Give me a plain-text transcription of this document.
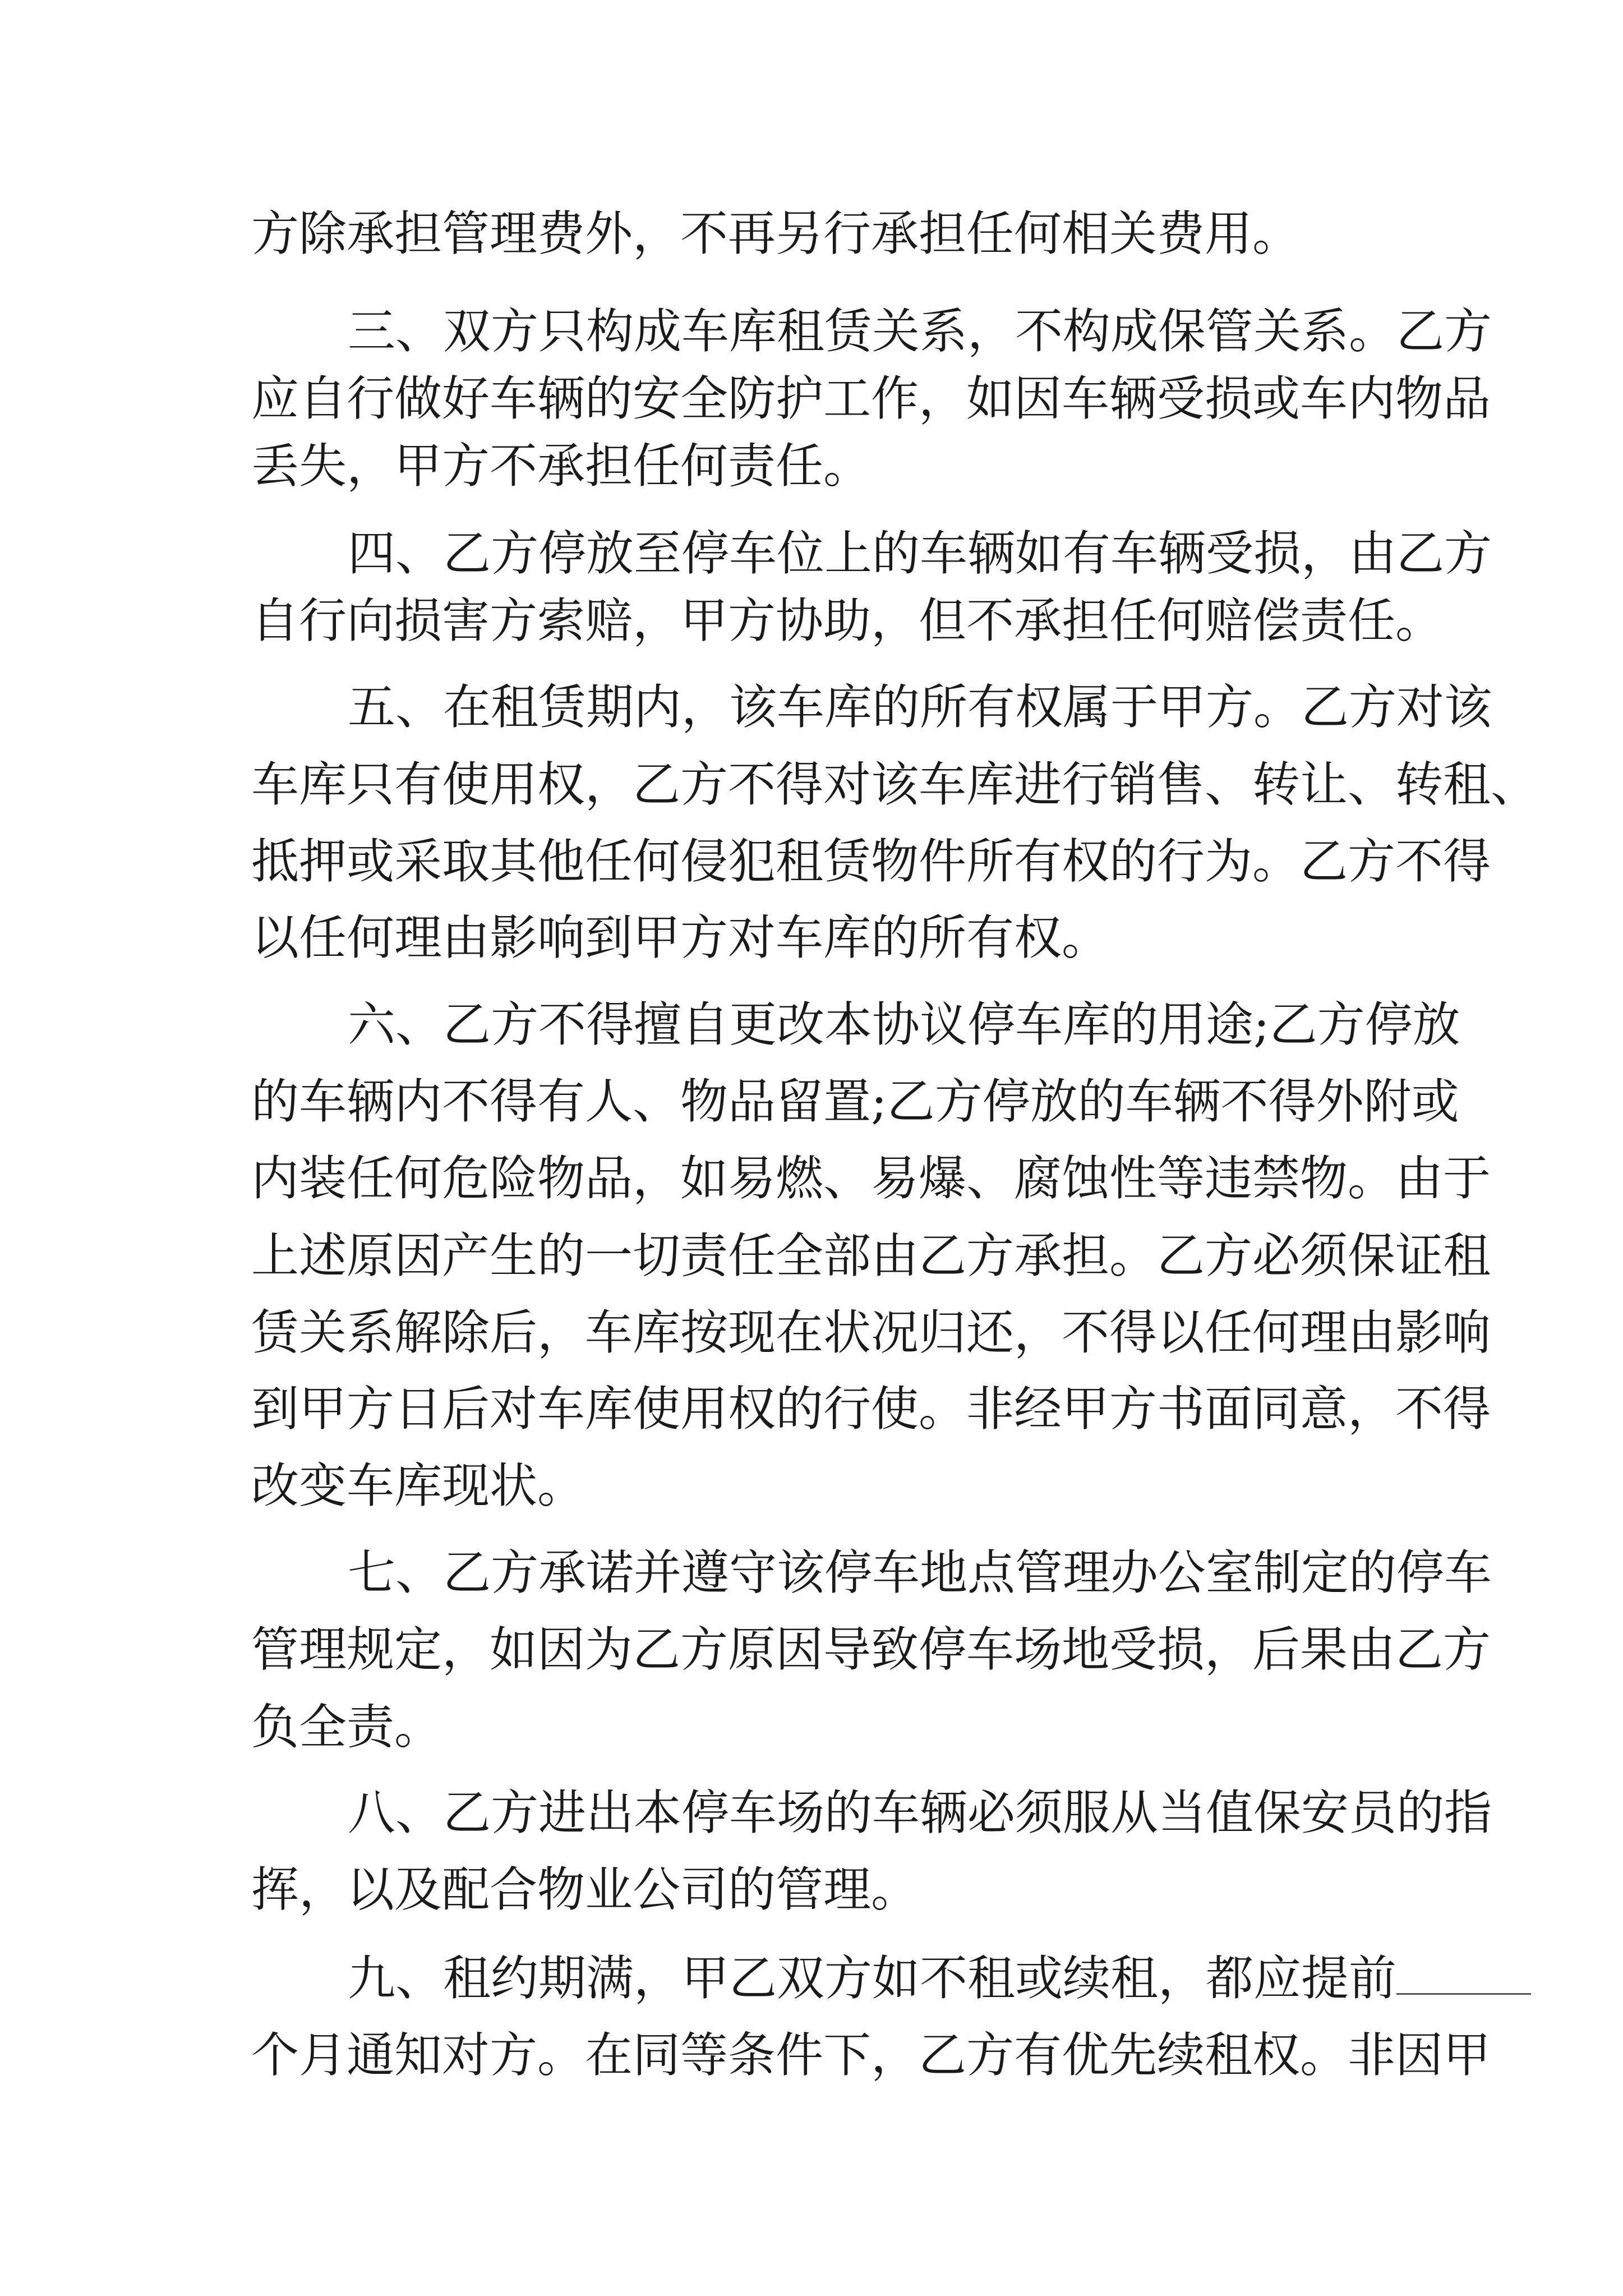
方除承担管理费外，不再另行承担任何相关费用。
三、双方只构成车库租赁关系，不构成保管关系。乙方
应自行做好车辆的安全防护工作，如因车辆受损或车内物品
丢失，甲方不承担任何责任。
四、乙方停放至停车位上的车辆如有车辆受损，由乙方
自行向损害方索赔，甲方协助，但不承担任何赔偿责任。
五、在租赁期内，该车库的所有权属于甲方。乙方对该
车库只有使用权，乙方不得对该车库进行销售、转让、转租、
抵押或采取其他任何侵犯租赁物件所有权的行为。乙方不得
以任何理由影响到甲方对车库的所有权。
六、乙方不得擅自更改本协议停车库的用途;乙方停放
的车辆内不得有人、物品留置;乙方停放的车辆不得外附或
内装任何危险物品，如易燃、易爆、腐蚀性等违禁物。由于
上述原因产生的一切责任全部由乙方承担。乙方必须保证租
赁关系解除后，车库按现在状况归还，不得以任何理由影响
到甲方日后对车库使用权的行使。非经甲方书面同意，不得
改变车库现状。
七、乙方承诺并遵守该停车地点管理办公室制定的停车
管理规定，如因为乙方原因导致停车场地受损，后果由乙方
负全责。
八、乙方进出本停车场的车辆必须服从当值保安员的指
挥，以及配合物业公司的管理。
九、租约期满，甲乙双方如不租或续租，都应提前
个月通知对方。在同等条件下，乙方有优先续租权。非因甲
